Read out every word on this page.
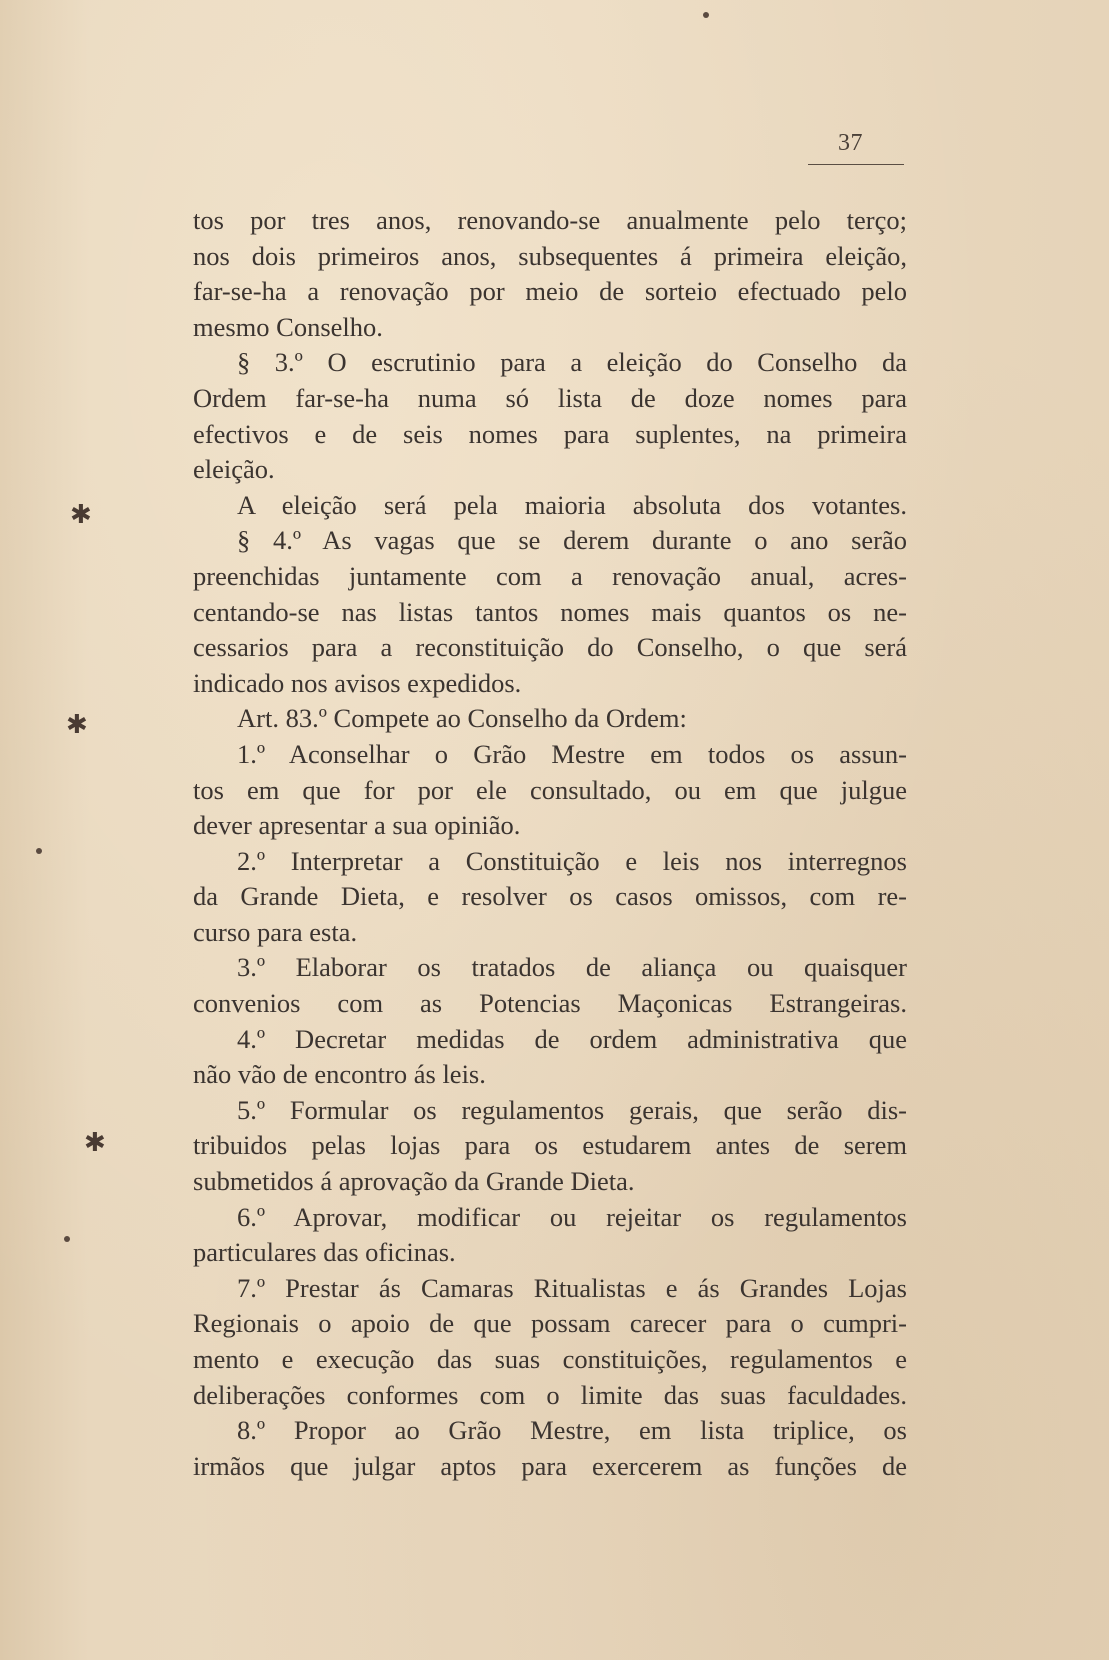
37
tos por tres anos, renovando-se anualmente pelo terço;
nos dois primeiros anos, subsequentes á primeira eleição,
far-se-ha a renovação por meio de sorteio efectuado pelo
mesmo Conselho.
§ 3.º O escrutinio para a eleição do Conselho da
Ordem far-se-ha numa só lista de doze nomes para
efectivos e de seis nomes para suplentes, na primeira
eleição.
A eleição será pela maioria absoluta dos votantes.
§ 4.º As vagas que se derem durante o ano serão
preenchidas juntamente com a renovação anual, acres-
centando-se nas listas tantos nomes mais quantos os ne-
cessarios para a reconstituição do Conselho, o que será
indicado nos avisos expedidos.
Art. 83.º Compete ao Conselho da Ordem:
1.º Aconselhar o Grão Mestre em todos os assun-
tos em que for por ele consultado, ou em que julgue
dever apresentar a sua opinião.
2.º Interpretar a Constituição e leis nos interregnos
da Grande Dieta, e resolver os casos omissos, com re-
curso para esta.
3.º Elaborar os tratados de aliança ou quaisquer
convenios com as Potencias Maçonicas Estrangeiras.
4.º Decretar medidas de ordem administrativa que
não vão de encontro ás leis.
5.º Formular os regulamentos gerais, que serão dis-
tribuidos pelas lojas para os estudarem antes de serem
submetidos á aprovação da Grande Dieta.
6.º Aprovar, modificar ou rejeitar os regulamentos
particulares das oficinas.
7.º Prestar ás Camaras Ritualistas e ás Grandes Lojas
Regionais o apoio de que possam carecer para o cumpri-
mento e execução das suas constituições, regulamentos e
deliberações conformes com o limite das suas faculdades.
8.º Propor ao Grão Mestre, em lista triplice, os
irmãos que julgar aptos para exercerem as funções de
✱
✱
✱
